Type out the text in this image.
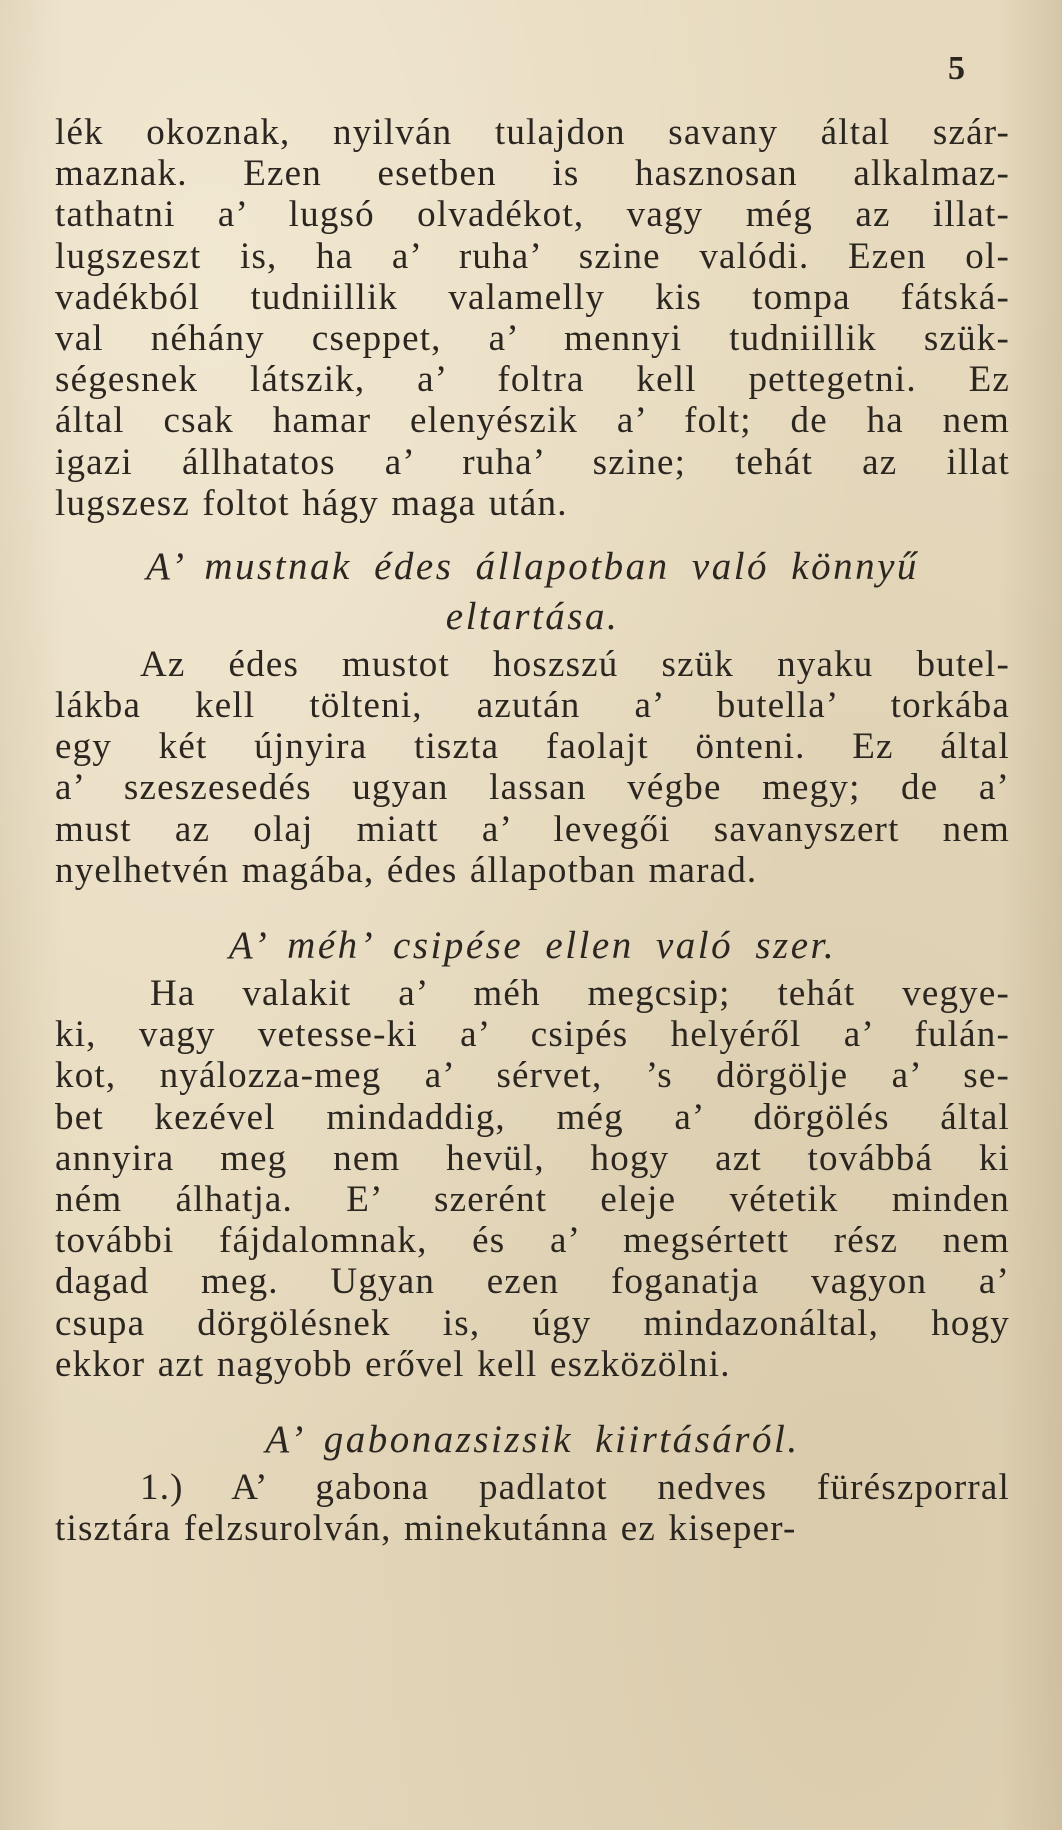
5
lék okoznak, nyilván tulajdon savany által szár-
maznak. Ezen esetben is hasznosan alkalmaz-
tathatni a’ lugsó olvadékot, vagy még az illat-
lugszeszt is, ha a’ ruha’ szine valódi. Ezen ol-
vadékból tudniillik valamelly kis tompa fátská-
val néhány cseppet, a’ mennyi tudniillik szük-
ségesnek látszik, a’ foltra kell pettegetni. Ez
által csak hamar elenyészik a’ folt; de ha nem
igazi állhatatos a’ ruha’ szine; tehát az illat
lugszesz foltot hágy maga után.
A’ mustnak édes állapotban való könnyű
eltartása.
Az édes mustot hoszszú szük nyaku butel-
lákba kell tölteni, azután a’ butella’ torkába
egy két újnyira tiszta faolajt önteni. Ez által
a’ szeszesedés ugyan lassan végbe megy; de a’
must az olaj miatt a’ levegői savanyszert nem
nyelhetvén magába, édes állapotban marad.
A’ méh’ csipése ellen való szer.
Ha valakit a’ méh megcsip; tehát vegye-
ki, vagy vetesse-ki a’ csipés helyéről a’ fulán-
kot, nyálozza-meg a’ sérvet, ’s dörgölje a’ se-
bet kezével mindaddig, még a’ dörgölés által
annyira meg nem hevül, hogy azt továbbá ki
ném álhatja. E’ szerént eleje vétetik minden
további fájdalomnak, és a’ megsértett rész nem
dagad meg. Ugyan ezen foganatja vagyon a’
csupa dörgölésnek is, úgy mindazonáltal, hogy
ekkor azt nagyobb erővel kell eszközölni.
A’ gabonazsizsik kiirtásáról.
1.) A’ gabona padlatot nedves fürészporral
tisztára felzsurolván, minekutánna ez kiseper-
